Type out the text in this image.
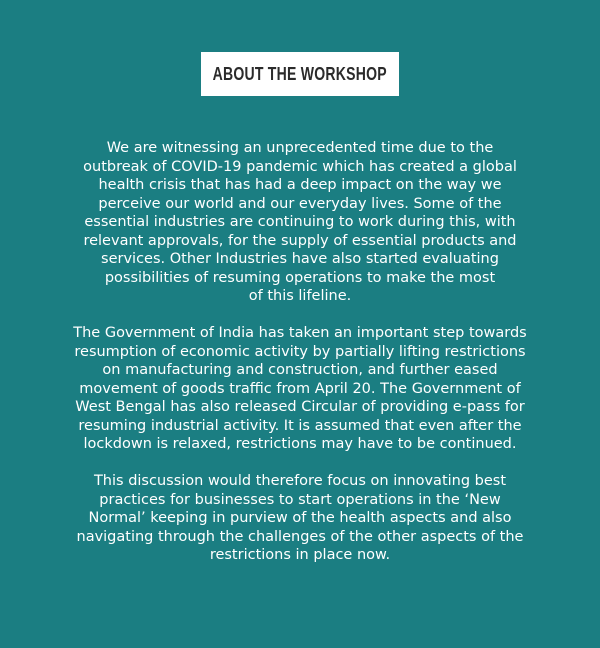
ABOUT THE WORKSHOP

We are witnessing an unprecedented time due to the
outbreak of COVID-19 pandemic which has created a global
health crisis that has had a deep impact on the way we
perceive our world and our everyday lives. Some of the
essential industries are continuing to work during this, with
relevant approvals, for the supply of essential products and
services. Other Industries have also started evaluating
possibilities of resuming operations to make the most
of this lifeline.

The Government of India has taken an important step towards
resumption of economic activity by partially lifting restrictions
on manufacturing and construction, and further eased
movement of goods traffic from April 20. The Government of
West Bengal has also released Circular of providing e-pass for
resuming industrial activity. It is assumed that even after the
lockdown is relaxed, restrictions may have to be continued.

This discussion would therefore focus on innovating best
practices for businesses to start operations in the ‘New
Normal’ keeping in purview of the health aspects and also
navigating through the challenges of the other aspects of the
restrictions in place now.
